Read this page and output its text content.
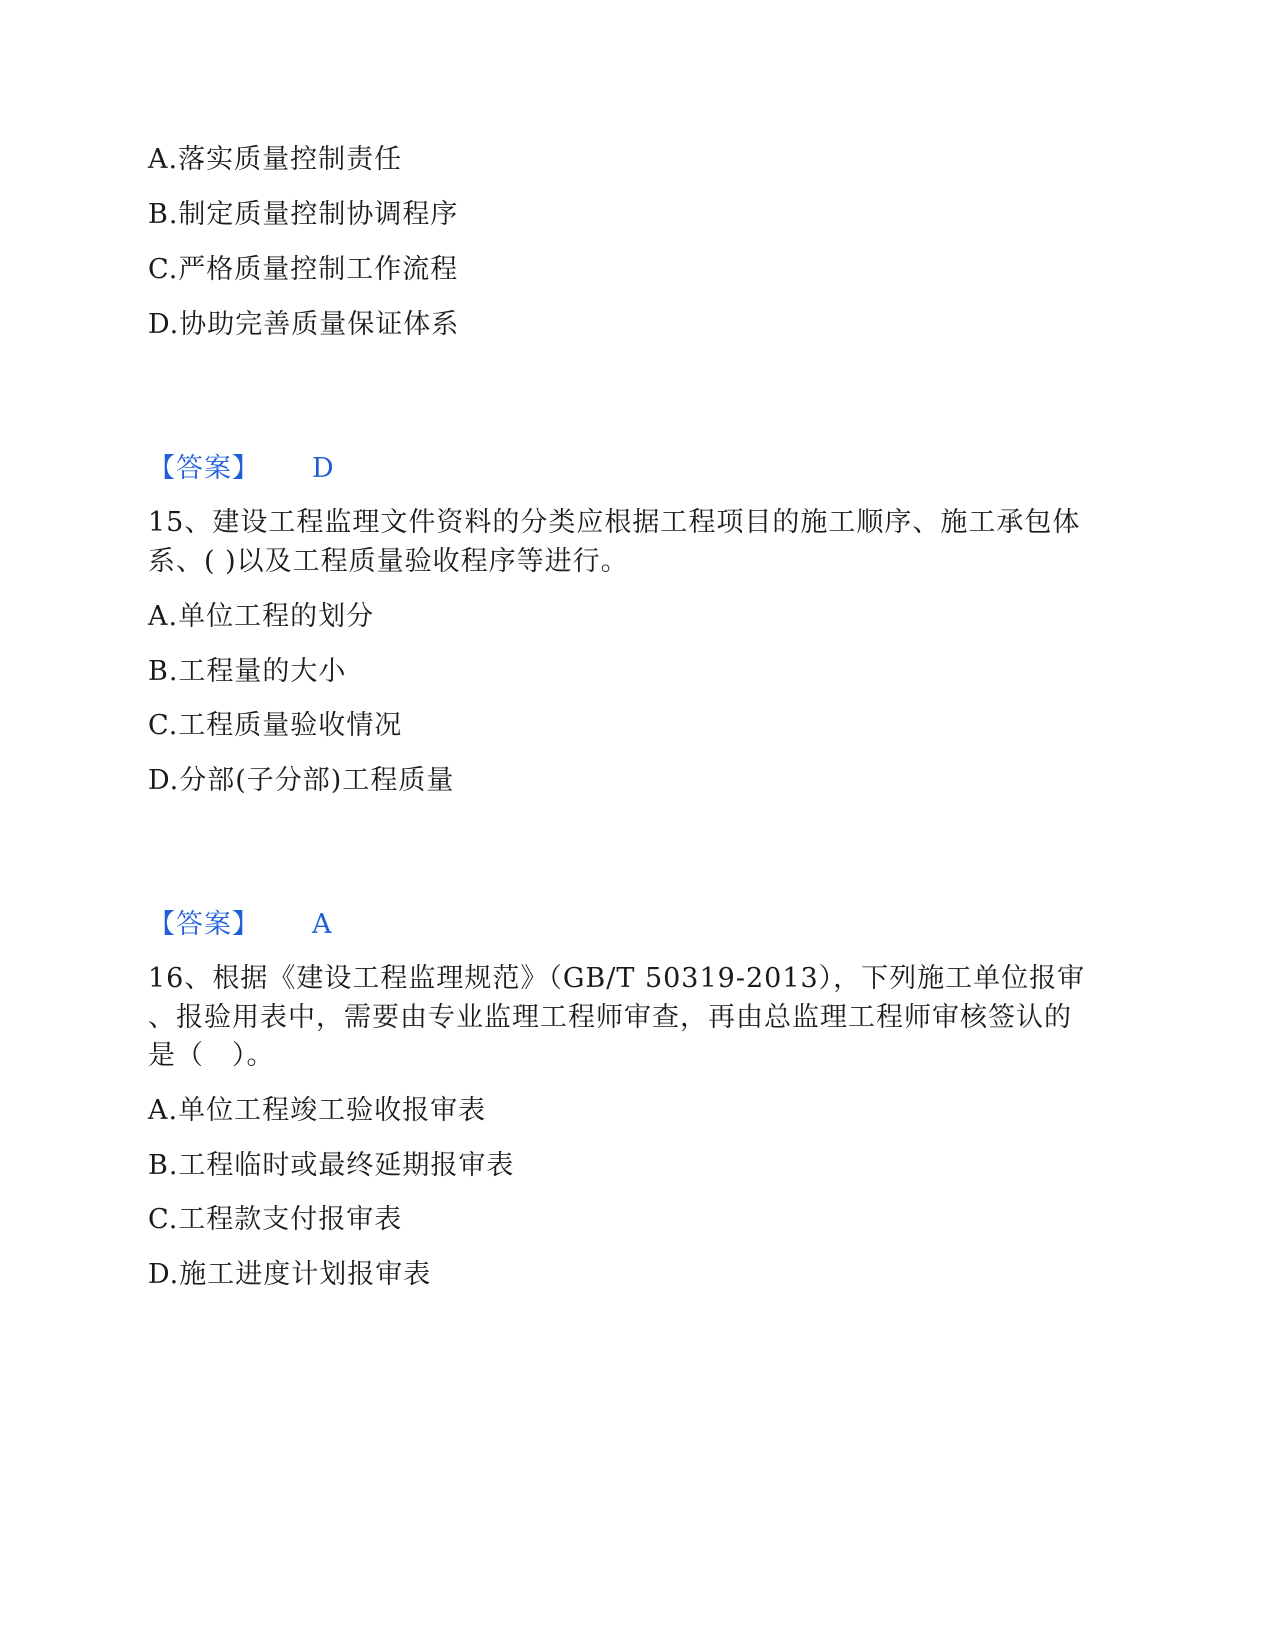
A.落实质量控制责任
B.制定质量控制协调程序
C.严格质量控制工作流程
D.协助完善质量保证体系
【答案】 D
15、建设工程监理文件资料的分类应根据工程项目的施工顺序、施工承包体
系、( )以及工程质量验收程序等进行。
A.单位工程的划分
B.工程量的大小
C.工程质量验收情况
D.分部(子分部)工程质量
【答案】 A
16、根据《建设工程监理规范》（GB/T 50319-2013），下列施工单位报审
、报验用表中，需要由专业监理工程师审查，再由总监理工程师审核签认的
是（　）。
A.单位工程竣工验收报审表
B.工程临时或最终延期报审表
C.工程款支付报审表
D.施工进度计划报审表
